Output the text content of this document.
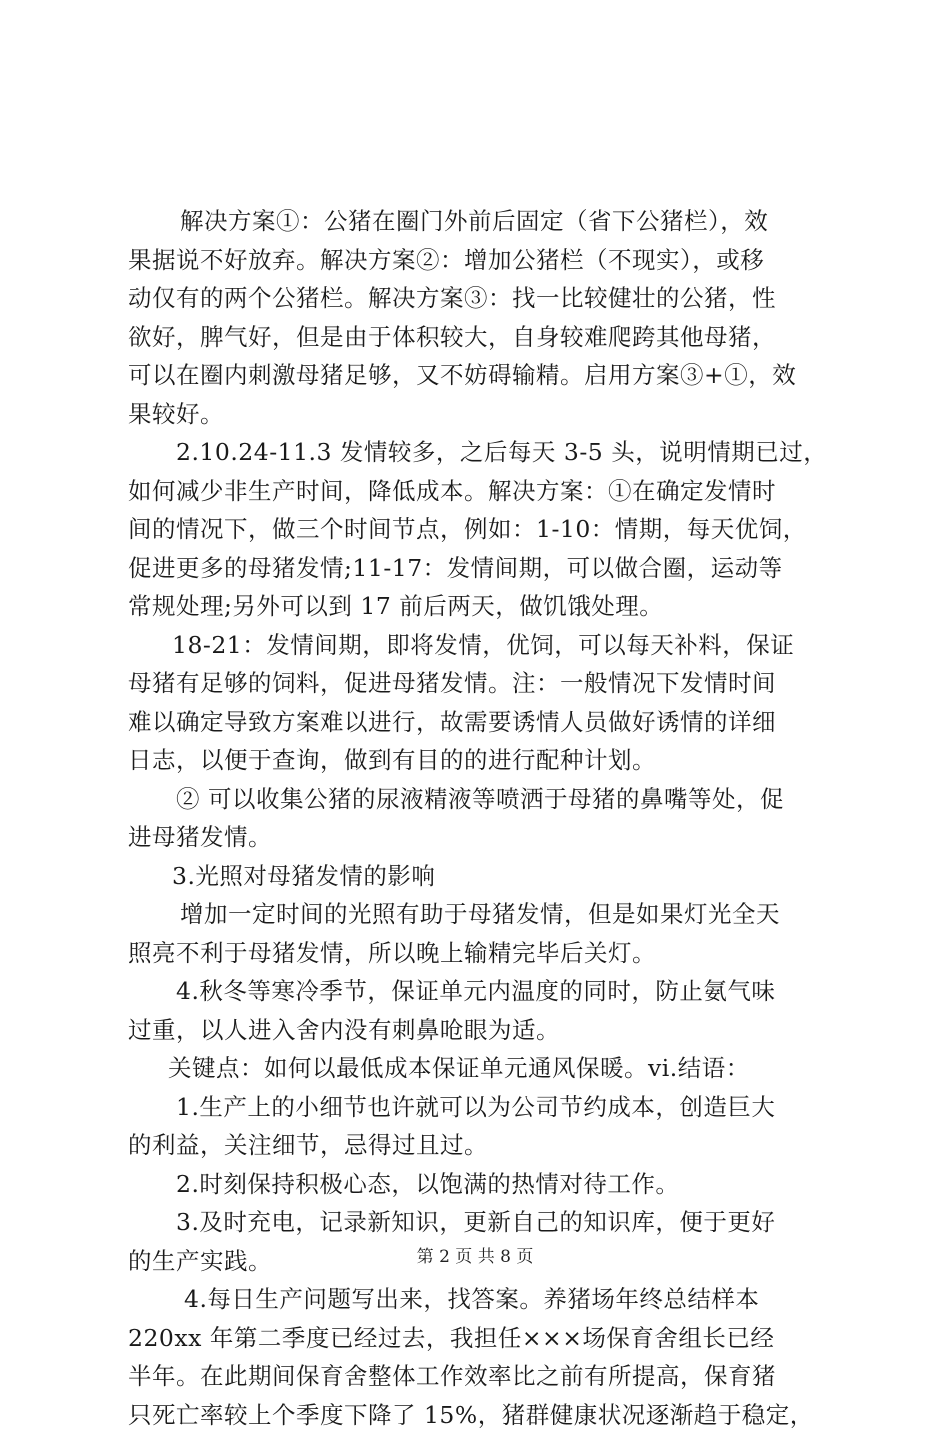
解决方案①：公猪在圈门外前后固定（省下公猪栏），效
果据说不好放弃。解决方案②：增加公猪栏（不现实），或移
动仅有的两个公猪栏。解决方案③：找一比较健壮的公猪，性
欲好，脾气好，但是由于体积较大，自身较难爬跨其他母猪，
可以在圈内刺激母猪足够，又不妨碍输精。启用方案③+①，效
果较好。
2.10.24-11.3 发情较多，之后每天 3-5 头，说明情期已过，
如何减少非生产时间，降低成本。解决方案：①在确定发情时
间的情况下，做三个时间节点，例如：1-10：情期，每天优饲，
促进更多的母猪发情;11-17：发情间期，可以做合圈，运动等
常规处理;另外可以到 17 前后两天，做饥饿处理。
18-21：发情间期，即将发情，优饲，可以每天补料，保证
母猪有足够的饲料，促进母猪发情。注：一般情况下发情时间
难以确定导致方案难以进行，故需要诱情人员做好诱情的详细
日志，以便于查询，做到有目的的进行配种计划。
② 可以收集公猪的尿液精液等喷洒于母猪的鼻嘴等处，促
进母猪发情。
3.光照对母猪发情的影响
增加一定时间的光照有助于母猪发情，但是如果灯光全天
照亮不利于母猪发情，所以晚上输精完毕后关灯。
4.秋冬等寒冷季节，保证单元内温度的同时，防止氨气味
过重，以人进入舍内没有刺鼻呛眼为适。
关键点：如何以最低成本保证单元通风保暖。vi.结语：
1.生产上的小细节也许就可以为公司节约成本，创造巨大
的利益，关注细节，忌得过且过。
2.时刻保持积极心态，以饱满的热情对待工作。
3.及时充电，记录新知识，更新自己的知识库，便于更好
的生产实践。
4.每日生产问题写出来，找答案。养猪场年终总结样本
220xx 年第二季度已经过去，我担任×××场保育舍组长已经
半年。在此期间保育舍整体工作效率比之前有所提高，保育猪
只死亡率较上个季度下降了 15%，猪群健康状况逐渐趋于稳定，
第 2 页 共 8 页
